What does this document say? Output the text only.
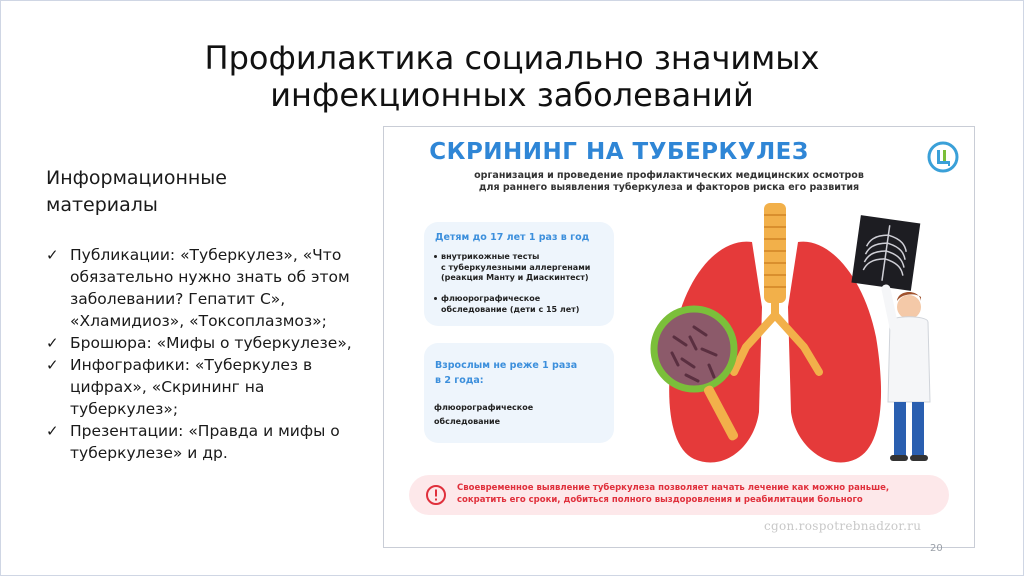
Профилактика социально значимых
инфекционных заболеваний
Информационные материалы
✓ Публикации: «Туберкулез», «Что обязательно нужно знать об этом заболевании? Гепатит С», «Хламидиоз», «Токсоплазмоз»;
✓ Брошюра: «Мифы о туберкулезе»,
✓ Инфографики: «Туберкулез в цифрах», «Скрининг на туберкулез»;
✓ Презентации: «Правда и мифы о туберкулезе» и др.
СКРИНИНГ НА ТУБЕРКУЛЕЗ
организация и проведение профилактических медицинских осмотров
для раннего выявления туберкулеза и факторов риска его развития
Детям до 17 лет 1 раз в год
внутрикожные тесты
с туберкулезными аллергенами
(реакция Манту и Диаскинтест)
флюорографическое
обследование (дети с 15 лет)
Взрослым не реже 1 раза
в 2 года:
флюорографическое
обследование
Своевременное выявление туберкулеза позволяет начать лечение как можно раньше,
сократить его сроки, добиться полного выздоровления и реабилитации больного
cgon.rospotrebnadzor.ru
20
